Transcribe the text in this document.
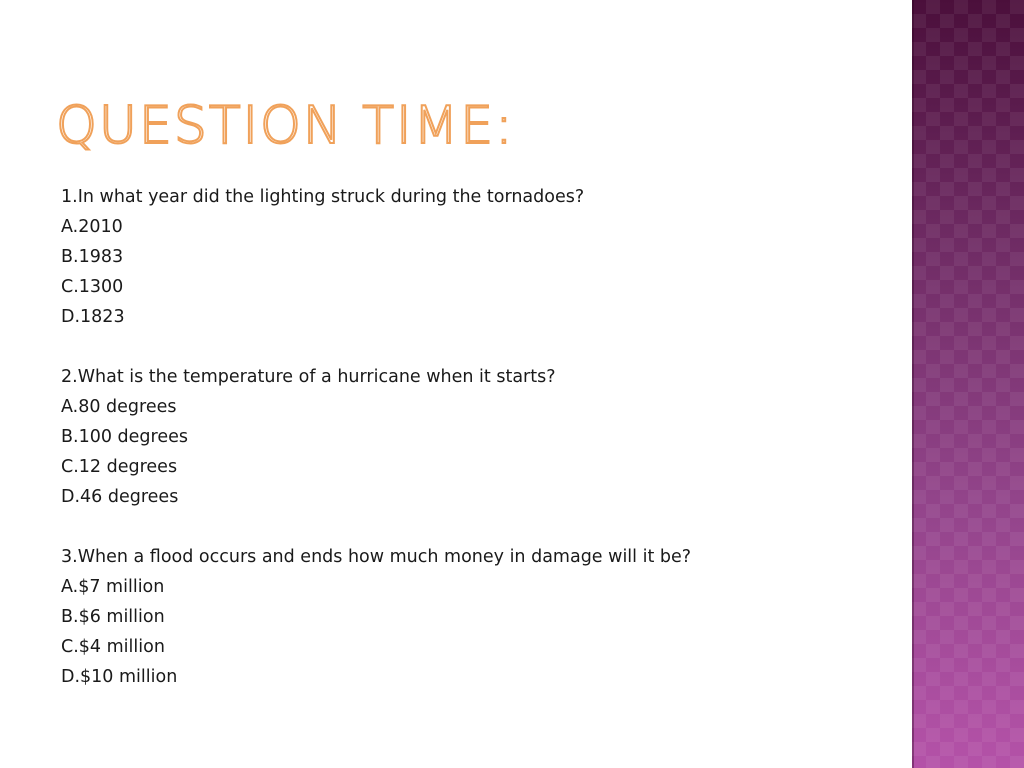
QUESTION TIME:
1.In what year did the lighting struck during the tornadoes?
A.2010
B.1983
C.1300
D.1823
2.What is the temperature of a hurricane when it starts?
A.80 degrees
B.100 degrees
C.12 degrees
D.46 degrees
3.When a flood occurs and ends how much money in damage will it be?
A.$7 million
B.$6 million
C.$4 million
D.$10 million
